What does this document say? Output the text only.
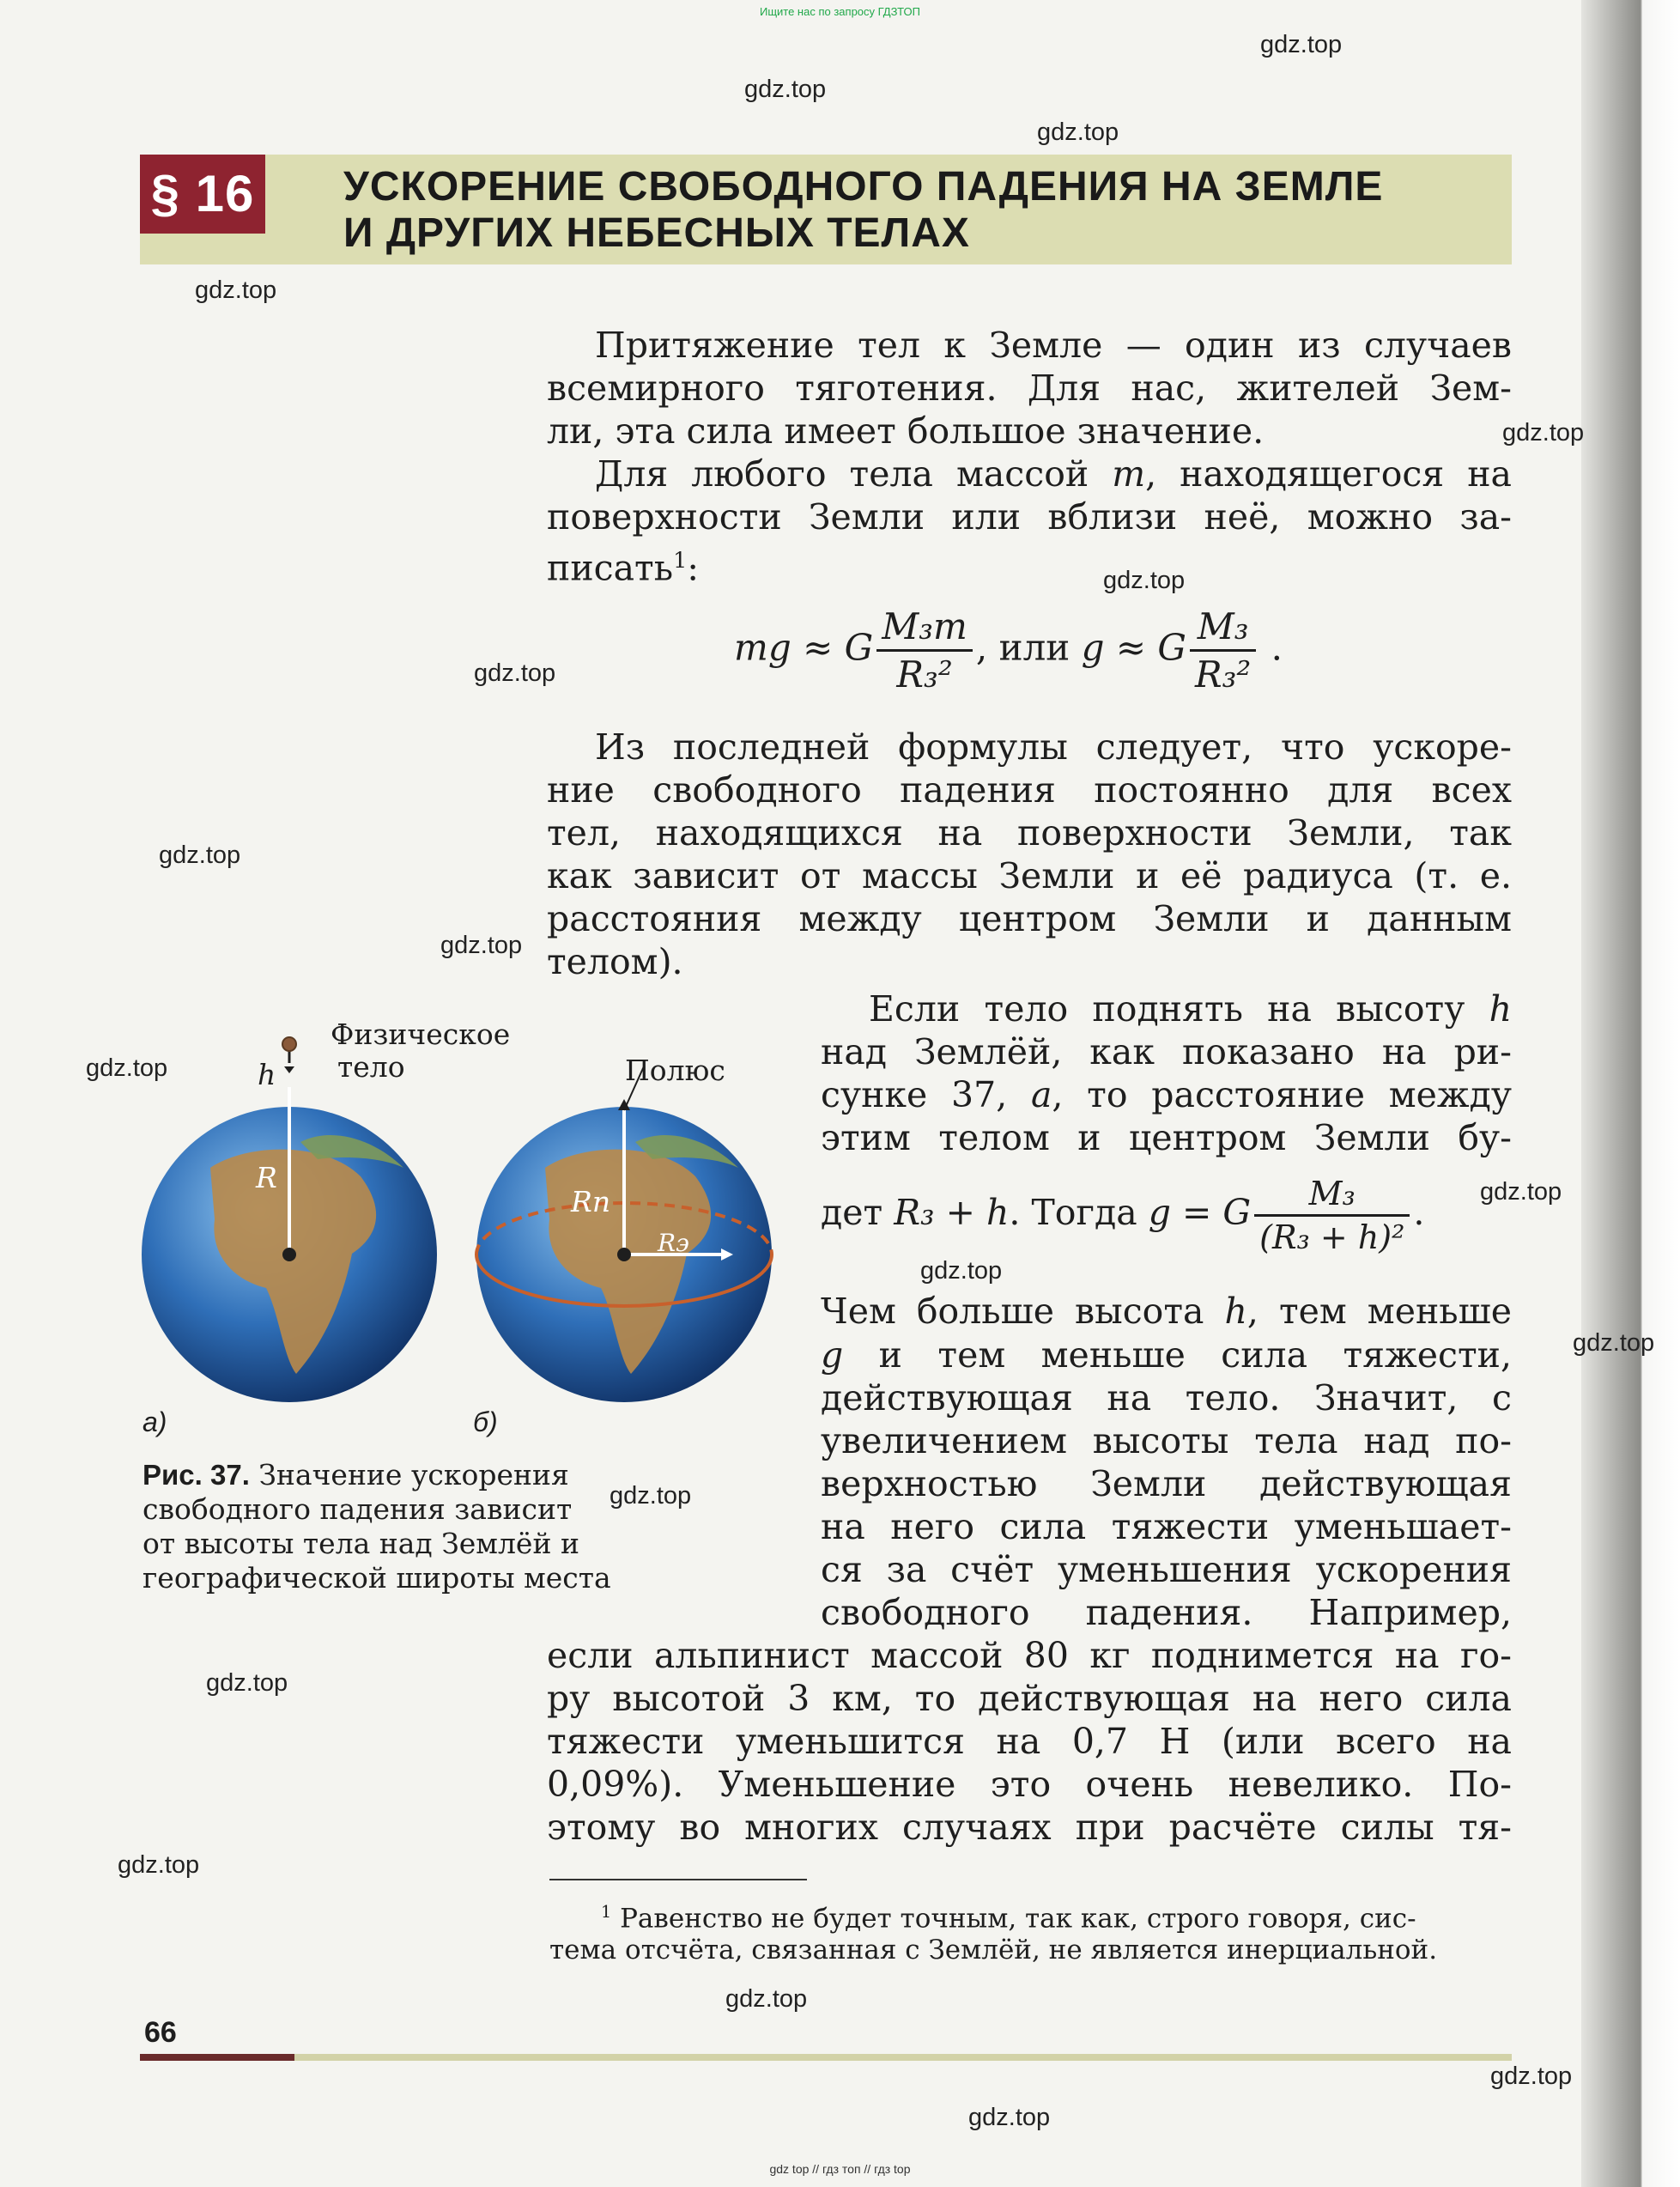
Ищите нас по запросу ГДЗТОП
§ 16 УСКОРЕНИЕ СВОБОДНОГО ПАДЕНИЯ НА ЗЕМЛЕ
И ДРУГИХ НЕБЕСНЫХ ТЕЛАХ
Притяжение тел к Земле — один из случаев
всемирного тяготения. Для нас, жителей Зем-
ли, эта сила имеет большое значение.
Для любого тела массой m, находящегося на
поверхности Земли или вблизи неё, можно за-
писать$^1$:
mg ≈ G $\frac{\text{M₃m}}{\text{R₃²}}$ , или g ≈ G $\frac{\text{M₃}}{\text{R₃²}}$ .
Из последней формулы следует, что ускоре-
ние свободного падения постоянно для всех
тел, находящихся на поверхности Земли, так
как зависит от массы Земли и её радиуса (т. е.
расстояния между центром Земли и данным
телом).
Если тело поднять на высоту h
над Землёй, как показано на ри-
сунке 37, а, то расстояние между
этим телом и центром Земли бу-
дет R₃ + h. Тогда g = G $\frac{\text{M₃}}{\text{(R₃ + h)²}}$ .
Чем больше высота h, тем меньше
g и тем меньше сила тяжести,
действующая на тело. Значит, с
увеличением высоты тела над по-
верхностью Земли действующая
на него сила тяжести уменьшает-
ся за счёт уменьшения ускорения
свободного падения. Например,
если альпинист массой 80 кг поднимется на го-
ру высотой 3 км, то действующая на него сила
тяжести уменьшится на 0,7 Н (или всего на
0,09%). Уменьшение это очень невелико. По-
этому во многих случаях при расчёте силы тя-
Физическое
тело	Полюс
h
R
Rп
Rэ
а)	б)
Рис. 37. Значение ускорения
свободного падения зависит
от высоты тела над Землёй и
географической широты места
$^1$ Равенство не будет точным, так как, строго говоря, сис-
тема отсчёта, связанная с Землёй, не является инерциальной.
66
gdz.top
gdz.top
gdz.top
gdz.top
gdz.top
gdz.top
gdz.top
gdz.top
gdz.top
gdz.top
gdz.top
gdz.top
gdz.top
gdz.top
gdz.top
gdz.top
gdz.top
gdz.top
gdz.top
gdz top // гдз топ // гдз top
